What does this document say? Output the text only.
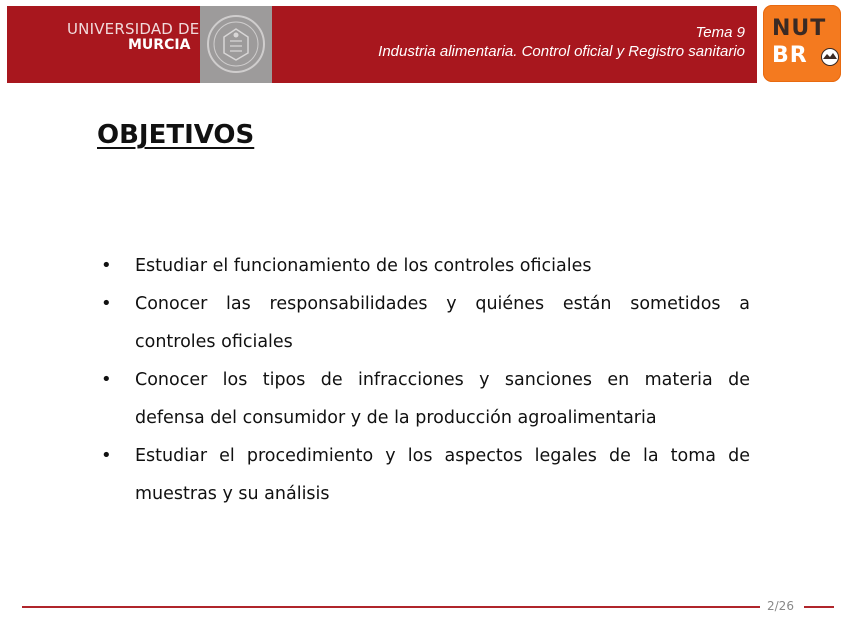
UNIVERSIDAD DE
MURCIA
Tema 9
Industria alimentaria. Control oficial y Registro sanitario
NUT
BR
OBJETIVOS
• Estudiar el funcionamiento de los controles oficiales
• Conocer las responsabilidades y quiénes están sometidos a
controles oficiales
• Conocer los tipos de infracciones y sanciones en materia de
defensa del consumidor y de la producción agroalimentaria
• Estudiar el procedimiento y los aspectos legales de la toma de
muestras y su análisis
2/26
